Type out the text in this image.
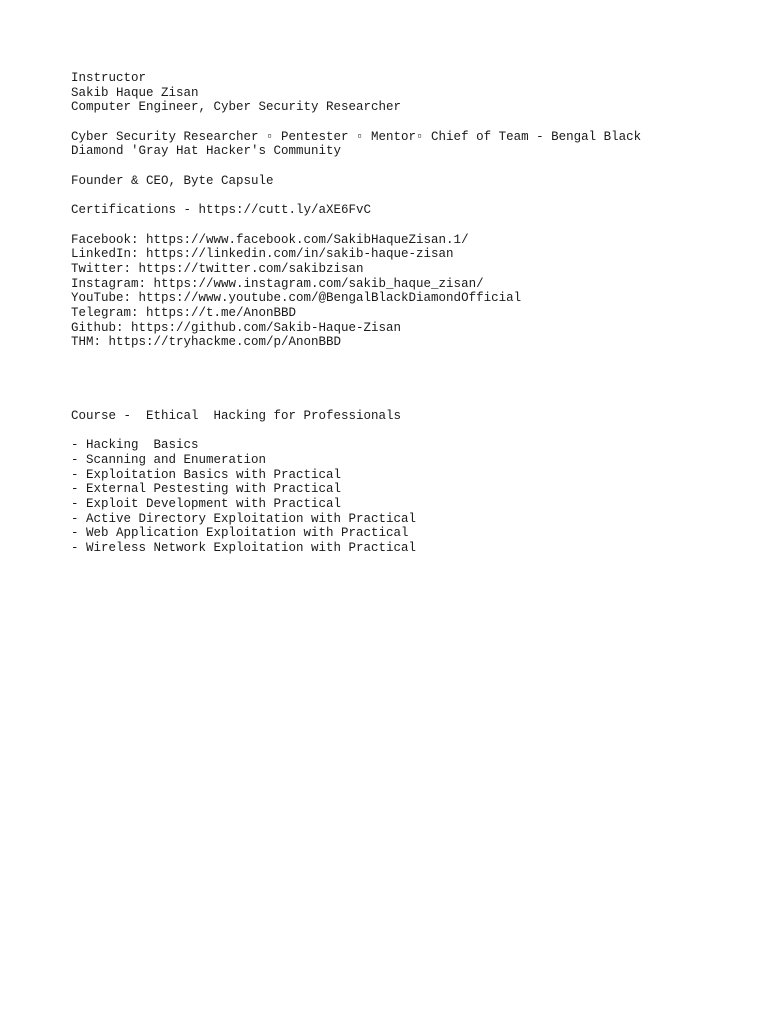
Instructor
Sakib Haque Zisan
Computer Engineer, Cyber Security Researcher
Cyber Security Researcher ▫ Pentester ▫ Mentor▫ Chief of Team - Bengal Black
Diamond 'Gray Hat Hacker's Community
Founder & CEO, Byte Capsule
Certifications - https://cutt.ly/aXE6FvC
Facebook: https://www.facebook.com/SakibHaqueZisan.1/
LinkedIn: https://linkedin.com/in/sakib-haque-zisan
Twitter: https://twitter.com/sakibzisan
Instagram: https://www.instagram.com/sakib_haque_zisan/
YouTube: https://www.youtube.com/@BengalBlackDiamondOfficial
Telegram: https://t.me/AnonBBD
Github: https://github.com/Sakib-Haque-Zisan
THM: https://tryhackme.com/p/AnonBBD
Course -  Ethical  Hacking for Professionals
- Hacking  Basics
- Scanning and Enumeration
- Exploitation Basics with Practical
- External Pestesting with Practical
- Exploit Development with Practical
- Active Directory Exploitation with Practical
- Web Application Exploitation with Practical
- Wireless Network Exploitation with Practical
